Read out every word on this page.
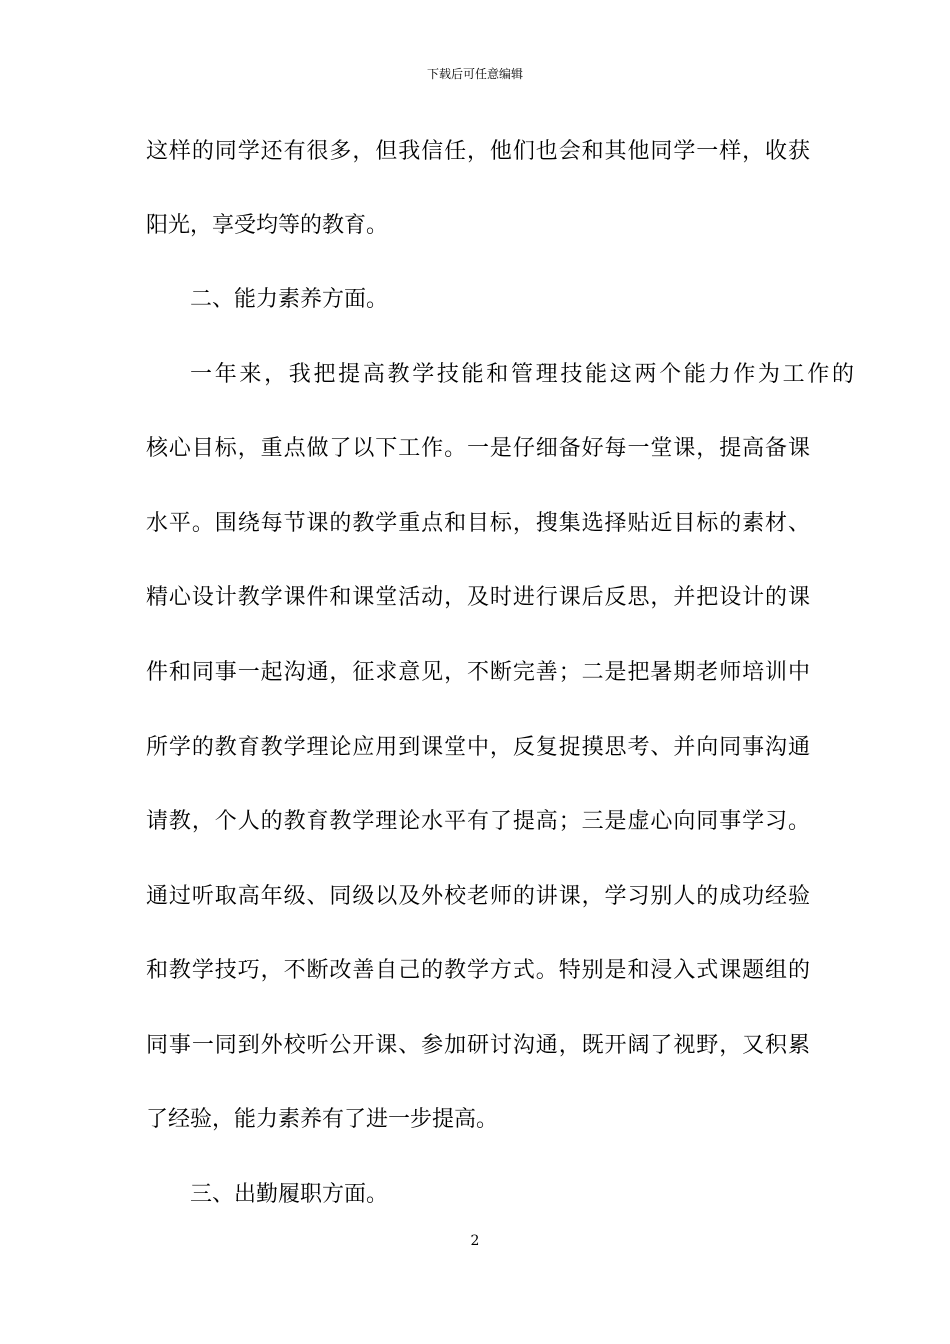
下载后可任意编辑
这样的同学还有很多，但我信任，他们也会和其他同学一样，收获
阳光，享受均等的教育。
二、能力素养方面。
一年来，我把提高教学技能和管理技能这两个能力作为工作的
核心目标，重点做了以下工作。一是仔细备好每一堂课，提高备课
水平。围绕每节课的教学重点和目标，搜集选择贴近目标的素材、
精心设计教学课件和课堂活动，及时进行课后反思，并把设计的课
件和同事一起沟通，征求意见，不断完善；二是把暑期老师培训中
所学的教育教学理论应用到课堂中，反复捉摸思考、并向同事沟通
请教，个人的教育教学理论水平有了提高；三是虚心向同事学习。
通过听取高年级、同级以及外校老师的讲课，学习别人的成功经验
和教学技巧，不断改善自己的教学方式。特别是和浸入式课题组的
同事一同到外校听公开课、参加研讨沟通，既开阔了视野，又积累
了经验，能力素养有了进一步提高。
三、出勤履职方面。
2
